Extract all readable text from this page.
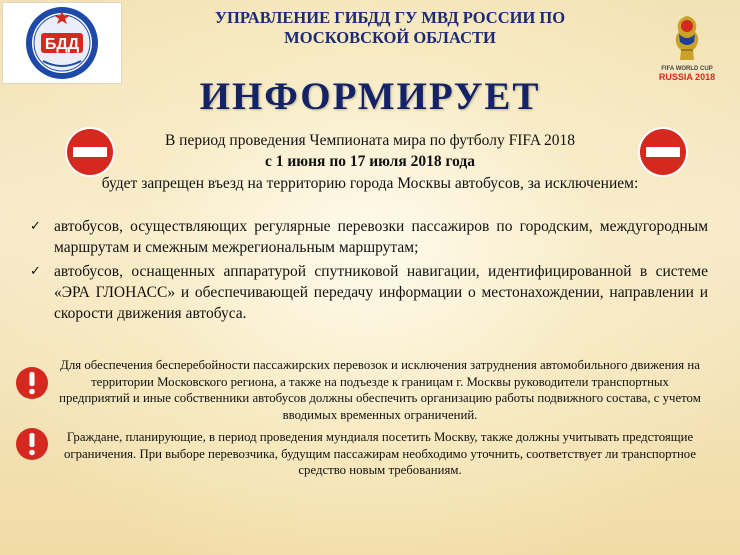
БДД
УПРАВЛЕНИЕ ГИБДД ГУ МВД РОССИИ ПО
МОСКОВСКОЙ ОБЛАСТИ
FIFA WORLD CUP
RUSSIA 2018
ИНФОРМИРУЕТ
В период проведения Чемпионата мира по футболу FIFA 2018
с 1 июня по 17 июля 2018 года
будет запрещен въезд на территорию города Москвы автобусов, за исключением:
✓ автобусов, осуществляющих регулярные перевозки пассажиров по городским, междугородным маршрутам и смежным межрегиональным маршрутам;
✓ автобусов, оснащенных аппаратурой спутниковой навигации, идентифицированной в системе «ЭРА ГЛОНАСС» и обеспечивающей передачу информации о местонахождении, направлении и скорости движения автобуса.
Для обеспечения бесперебойности пассажирских перевозок и исключения затруднения автомобильного движения на территории Московского региона, а также на подъезде к границам г. Москвы руководители транспортных предприятий и иные собственники автобусов должны обеспечить организацию работы подвижного состава, с учетом вводимых временных ограничений.
Граждане, планирующие, в период проведения мундиаля посетить Москву, также должны учитывать предстоящие ограничения. При выборе перевозчика, будущим пассажирам необходимо уточнить, соответствует ли транспортное средство новым требованиям.
